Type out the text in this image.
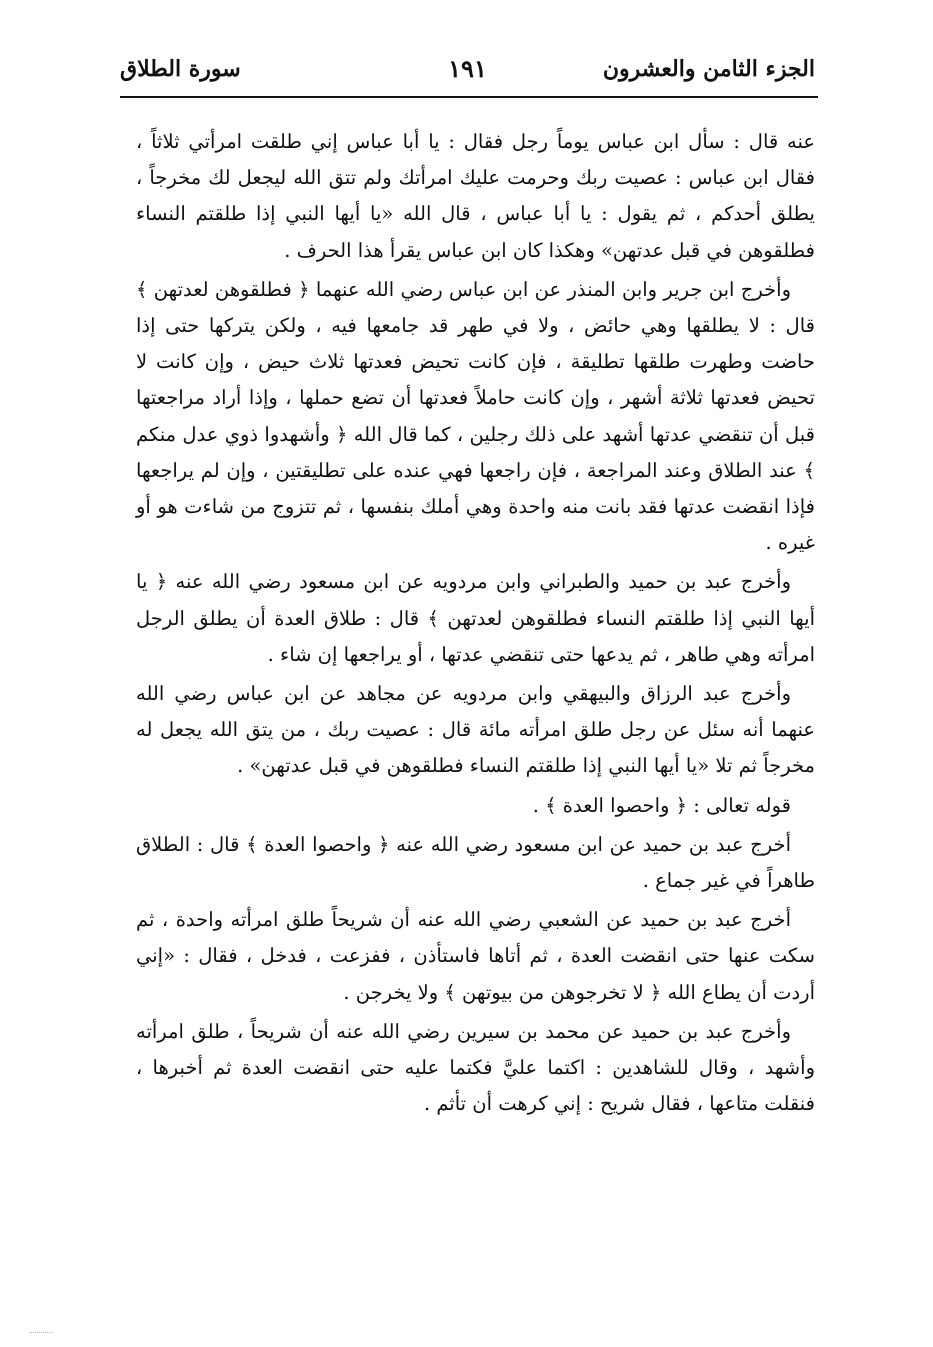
الجزء الثامن والعشرون
١٩١
سورة الطلاق

عنه قال : سأل ابن عباس يوماً رجل فقال : يا أبا عباس إني طلقت امرأتي ثلاثاً ، فقال ابن عباس : عصيت ربك وحرمت عليك امرأتك ولم تتق الله ليجعل لك مخرجاً ، يطلق أحدكم ، ثم يقول : يا أبا عباس ، قال الله «يا أيها النبي إذا طلقتم النساء فطلقوهن في قبل عدتهن» وهكذا كان ابن عباس يقرأ هذا الحرف .

وأخرج ابن جرير وابن المنذر عن ابن عباس رضي الله عنهما ﴿ فطلقوهن لعدتهن ﴾ قال : لا يطلقها وهي حائض ، ولا في طهر قد جامعها فيه ، ولكن يتركها حتى إذا حاضت وطهرت طلقها تطليقة ، فإن كانت تحيض فعدتها ثلاث حيض ، وإن كانت لا تحيض فعدتها ثلاثة أشهر ، وإن كانت حاملاً فعدتها أن تضع حملها ، وإذا أراد مراجعتها قبل أن تنقضي عدتها أشهد على ذلك رجلين ، كما قال الله ﴿ وأشهدوا ذوي عدل منكم ﴾ عند الطلاق وعند المراجعة ، فإن راجعها فهي عنده على تطليقتين ، وإن لم يراجعها فإذا انقضت عدتها فقد بانت منه واحدة وهي أملك بنفسها ، ثم تتزوج من شاءت هو أو غيره .

وأخرج عبد بن حميد والطبراني وابن مردويه عن ابن مسعود رضي الله عنه ﴿ يا أيها النبي إذا طلقتم النساء فطلقوهن لعدتهن ﴾ قال : طلاق العدة أن يطلق الرجل امرأته وهي طاهر ، ثم يدعها حتى تنقضي عدتها ، أو يراجعها إن شاء .

وأخرج عبد الرزاق والبيهقي وابن مردويه عن مجاهد عن ابن عباس رضي الله عنهما أنه سئل عن رجل طلق امرأته مائة قال : عصيت ربك ، من يتق الله يجعل له مخرجاً ثم تلا «يا أيها النبي إذا طلقتم النساء فطلقوهن في قبل عدتهن» .

قوله تعالى : ﴿ واحصوا العدة ﴾ .

أخرج عبد بن حميد عن ابن مسعود رضي الله عنه ﴿ واحصوا العدة ﴾ قال : الطلاق طاهراً في غير جماع .

أخرج عبد بن حميد عن الشعبي رضي الله عنه أن شريحاً طلق امرأته واحدة ، ثم سكت عنها حتى انقضت العدة ، ثم أتاها فاستأذن ، ففزعت ، فدخل ، فقال : «إني أردت أن يطاع الله ﴿ لا تخرجوهن من بيوتهن ﴾ ولا يخرجن .

وأخرج عبد بن حميد عن محمد بن سيرين رضي الله عنه أن شريحاً ، طلق امرأته وأشهد ، وقال للشاهدين : اكتما عليَّ فكتما عليه حتى انقضت العدة ثم أخبرها ، فنقلت متاعها ، فقال شريح : إني كرهت أن تأثم .
